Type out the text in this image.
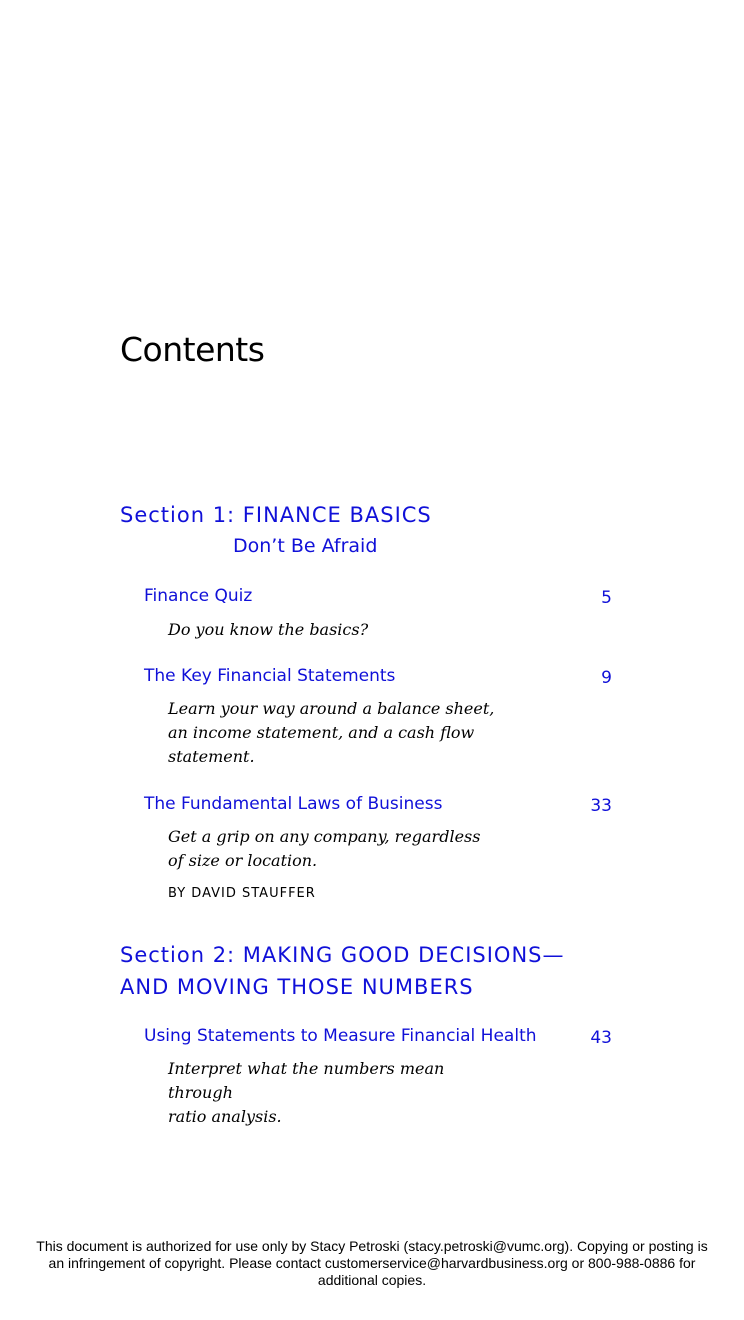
Contents
Section 1: FINANCE BASICS
Don’t Be Afraid
Finance Quiz	5
Do you know the basics?
The Key Financial Statements	9
Learn your way around a balance sheet,
an income statement, and a cash flow
statement.
The Fundamental Laws of Business	33
Get a grip on any company, regardless
of size or location.
BY DAVID STAUFFER
Section 2: MAKING GOOD DECISIONS—
AND MOVING THOSE NUMBERS
Using Statements to Measure Financial Health	43
Interpret what the numbers mean through
ratio analysis.
This document is authorized for use only by Stacy Petroski (stacy.petroski@vumc.org). Copying or posting is
an infringement of copyright. Please contact customerservice@harvardbusiness.org or 800-988-0886 for
additional copies.
